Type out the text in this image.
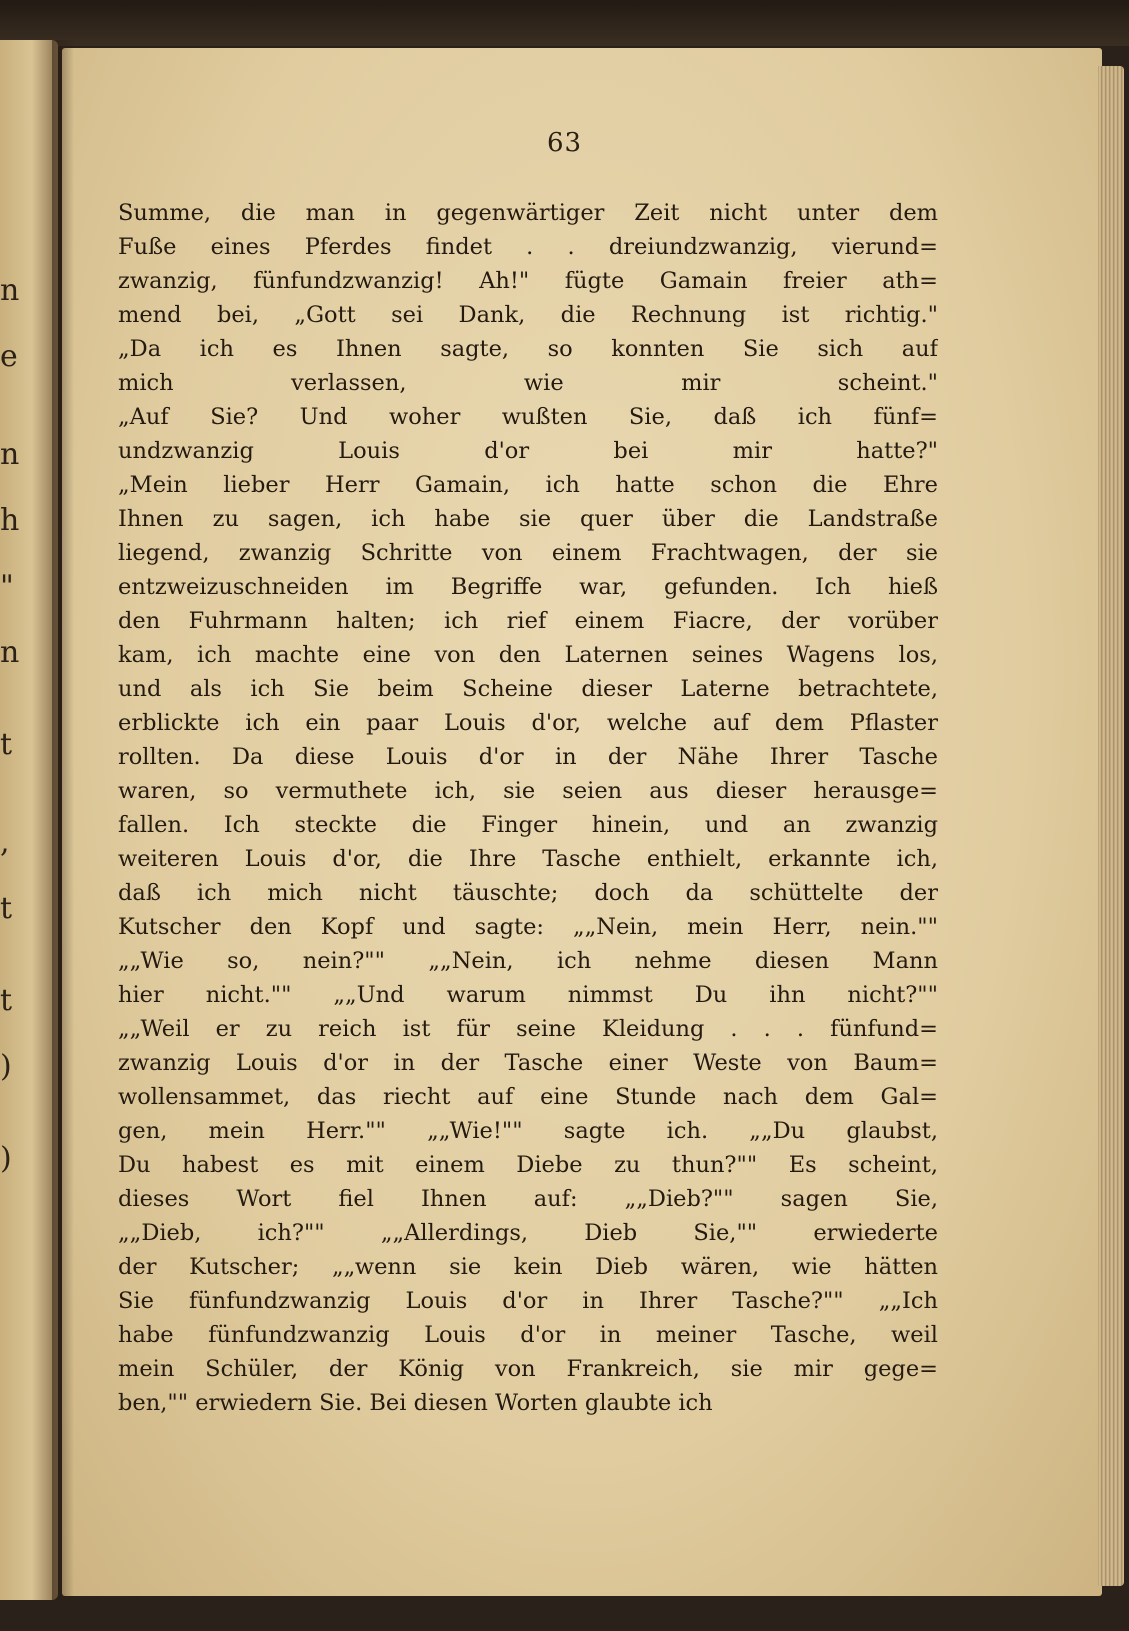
n
e
n
h
"
n
t
,
t
t
)
)
63
Summe, die man in gegenwärtiger Zeit nicht unter dem
Fuße eines Pferdes findet . . dreiundzwanzig, vierund=
zwanzig, fünfundzwanzig! Ah!" fügte Gamain freier ath=
mend bei, „Gott sei Dank, die Rechnung ist richtig."
„Da ich es Ihnen sagte, so konnten Sie sich auf
mich verlassen, wie mir scheint."
„Auf Sie? Und woher wußten Sie, daß ich fünf=
undzwanzig Louis d'or bei mir hatte?"
„Mein lieber Herr Gamain, ich hatte schon die Ehre
Ihnen zu sagen, ich habe sie quer über die Landstraße
liegend, zwanzig Schritte von einem Frachtwagen, der sie
entzweizuschneiden im Begriffe war, gefunden. Ich hieß
den Fuhrmann halten; ich rief einem Fiacre, der vorüber
kam, ich machte eine von den Laternen seines Wagens los,
und als ich Sie beim Scheine dieser Laterne betrachtete,
erblickte ich ein paar Louis d'or, welche auf dem Pflaster
rollten. Da diese Louis d'or in der Nähe Ihrer Tasche
waren, so vermuthete ich, sie seien aus dieser herausge=
fallen. Ich steckte die Finger hinein, und an zwanzig
weiteren Louis d'or, die Ihre Tasche enthielt, erkannte ich,
daß ich mich nicht täuschte; doch da schüttelte der
Kutscher den Kopf und sagte: „„Nein, mein Herr, nein.""
„„Wie so, nein?"" „„Nein, ich nehme diesen Mann
hier nicht."" „„Und warum nimmst Du ihn nicht?""
„„Weil er zu reich ist für seine Kleidung . . . fünfund=
zwanzig Louis d'or in der Tasche einer Weste von Baum=
wollensammet, das riecht auf eine Stunde nach dem Gal=
gen, mein Herr."" „„Wie!"" sagte ich. „„Du glaubst,
Du habest es mit einem Diebe zu thun?"" Es scheint,
dieses Wort fiel Ihnen auf: „„Dieb?"" sagen Sie,
„„Dieb, ich?"" „„Allerdings, Dieb Sie,"" erwiederte
der Kutscher; „„wenn sie kein Dieb wären, wie hätten
Sie fünfundzwanzig Louis d'or in Ihrer Tasche?"" „„Ich
habe fünfundzwanzig Louis d'or in meiner Tasche, weil
mein Schüler, der König von Frankreich, sie mir gege=
ben,"" erwiedern Sie. Bei diesen Worten glaubte ich
